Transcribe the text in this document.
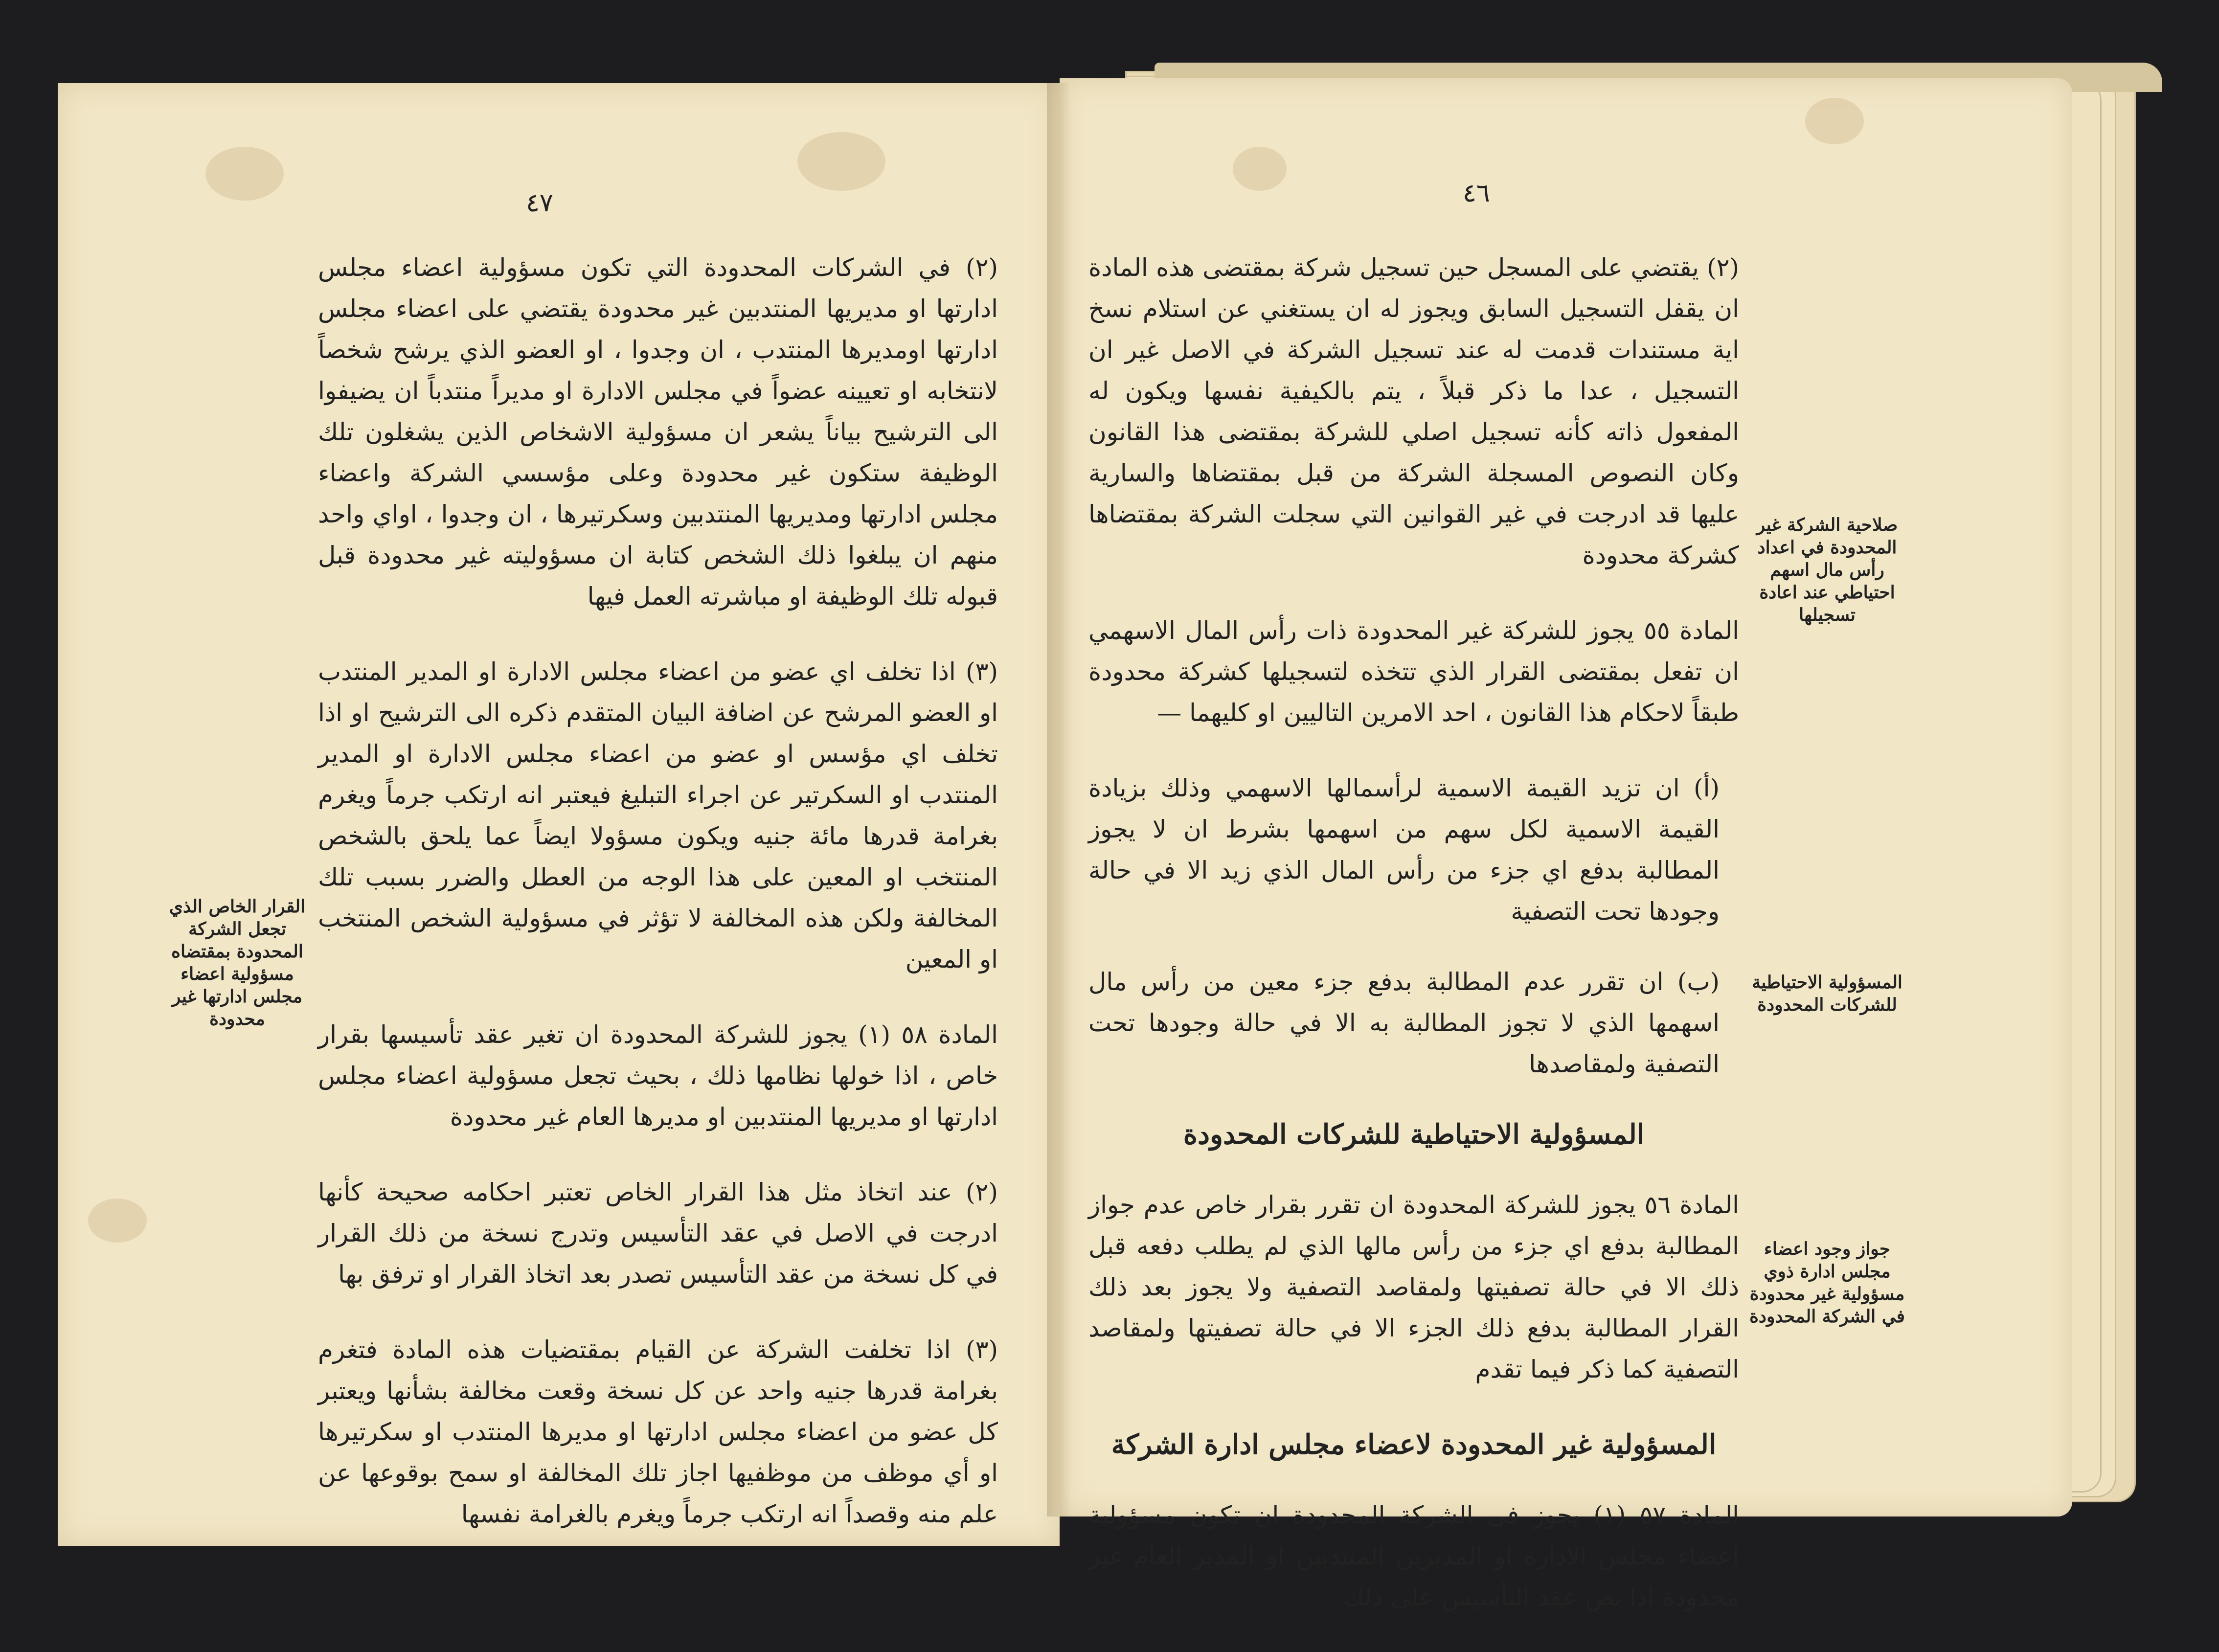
٤٧

(٢) في الشركات المحدودة التي تكون مسؤولية اعضاء مجلس ادارتها او مديريها المنتدبين غير محدودة يقتضي على اعضاء مجلس ادارتها اومديرها المنتدب ، ان وجدوا ، او العضو الذي يرشح شخصاً لانتخابه او تعيينه عضواً في مجلس الادارة او مديراً منتدباً ان يضيفوا الى الترشيح بياناً يشعر ان مسؤولية الاشخاص الذين يشغلون تلك الوظيفة ستكون غير محدودة وعلى مؤسسي الشركة واعضاء مجلس ادارتها ومديريها المنتدبين وسكرتيرها ، ان وجدوا ، اواي واحد منهم ان يبلغوا ذلك الشخص كتابة ان مسؤوليته غير محدودة قبل قبوله تلك الوظيفة او مباشرته العمل فيها

(٣) اذا تخلف اي عضو من اعضاء مجلس الادارة او المدير المنتدب او العضو المرشح عن اضافة البيان المتقدم ذكره الى الترشيح او اذا تخلف اي مؤسس او عضو من اعضاء مجلس الادارة او المدير المنتدب او السكرتير عن اجراء التبليغ فيعتبر انه ارتكب جرماً ويغرم بغرامة قدرها مائة جنيه ويكون مسؤولا ايضاً عما يلحق بالشخص المنتخب او المعين على هذا الوجه من العطل والضرر بسبب تلك المخالفة ولكن هذه المخالفة لا تؤثر في مسؤولية الشخص المنتخب او المعين

المادة ٥٨ (١) يجوز للشركة المحدودة ان تغير عقد تأسيسها بقرار خاص ، اذا خولها نظامها ذلك ، بحيث تجعل مسؤولية اعضاء مجلس ادارتها او مديريها المنتدبين او مديرها العام غير محدودة

(٢) عند اتخاذ مثل هذا القرار الخاص تعتبر احكامه صحيحة كأنها ادرجت في الاصل في عقد التأسيس وتدرج نسخة من ذلك القرار في كل نسخة من عقد التأسيس تصدر بعد اتخاذ القرار او ترفق بها

(٣) اذا تخلفت الشركة عن القيام بمقتضيات هذه المادة فتغرم بغرامة قدرها جنيه واحد عن كل نسخة وقعت مخالفة بشأنها ويعتبر كل عضو من اعضاء مجلس ادارتها او مديرها المنتدب او سكرتيرها او أي موظف من موظفيها اجاز تلك المخالفة او سمح بوقوعها عن علم منه وقصداً انه ارتكب جرماً ويغرم بالغرامة نفسها

القرار الخاص الذي تجعل الشركة المحدودة بمقتضاه مسؤولية اعضاء مجلس ادارتها غير محدودة
٤٦

(٢) يقتضي على المسجل حين تسجيل شركة بمقتضى هذه المادة ان يقفل التسجيل السابق ويجوز له ان يستغني عن استلام نسخ اية مستندات قدمت له عند تسجيل الشركة في الاصل غير ان التسجيل ، عدا ما ذكر قبلاً ، يتم بالكيفية نفسها ويكون له المفعول ذاته كأنه تسجيل اصلي للشركة بمقتضى هذا القانون وكان النصوص المسجلة الشركة من قبل بمقتضاها والسارية عليها قد ادرجت في غير القوانين التي سجلت الشركة بمقتضاها كشركة محدودة

المادة ٥٥ يجوز للشركة غير المحدودة ذات رأس المال الاسهمي ان تفعل بمقتضى القرار الذي تتخذه لتسجيلها كشركة محدودة طبقاً لاحكام هذا القانون ، احد الامرين التاليين او كليهما —

(أ) ان تزيد القيمة الاسمية لرأسمالها الاسهمي وذلك بزيادة القيمة الاسمية لكل سهم من اسهمها بشرط ان لا يجوز المطالبة بدفع اي جزء من رأس المال الذي زيد الا في حالة وجودها تحت التصفية

(ب) ان تقرر عدم المطالبة بدفع جزء معين من رأس مال اسهمها الذي لا تجوز المطالبة به الا في حالة وجودها تحت التصفية ولمقاصدها

المسؤولية الاحتياطية للشركات المحدودة

المادة ٥٦ يجوز للشركة المحدودة ان تقرر بقرار خاص عدم جواز المطالبة بدفع اي جزء من رأس مالها الذي لم يطلب دفعه قبل ذلك الا في حالة تصفيتها ولمقاصد التصفية ولا يجوز بعد ذلك القرار المطالبة بدفع ذلك الجزء الا في حالة تصفيتها ولمقاصد التصفية كما ذكر فيما تقدم

المسؤولية غير المحدودة لاعضاء مجلس ادارة الشركة

المادة ٥٧ (١) يجوز في الشركة المحدودة ان تكون مسؤولية اعضاء مجلس الادارة او المديرين المنتدبين او المدير العام غير محدودة اذا نص عقد التأسيس على ذلك

صلاحية الشركة غير المحدودة في اعداد رأس مال اسهم احتياطي عند اعادة تسجيلها
المسؤولية الاحتياطية للشركات المحدودة
جواز وجود اعضاء مجلس ادارة ذوي مسؤولية غير محدودة في الشركة المحدودة
